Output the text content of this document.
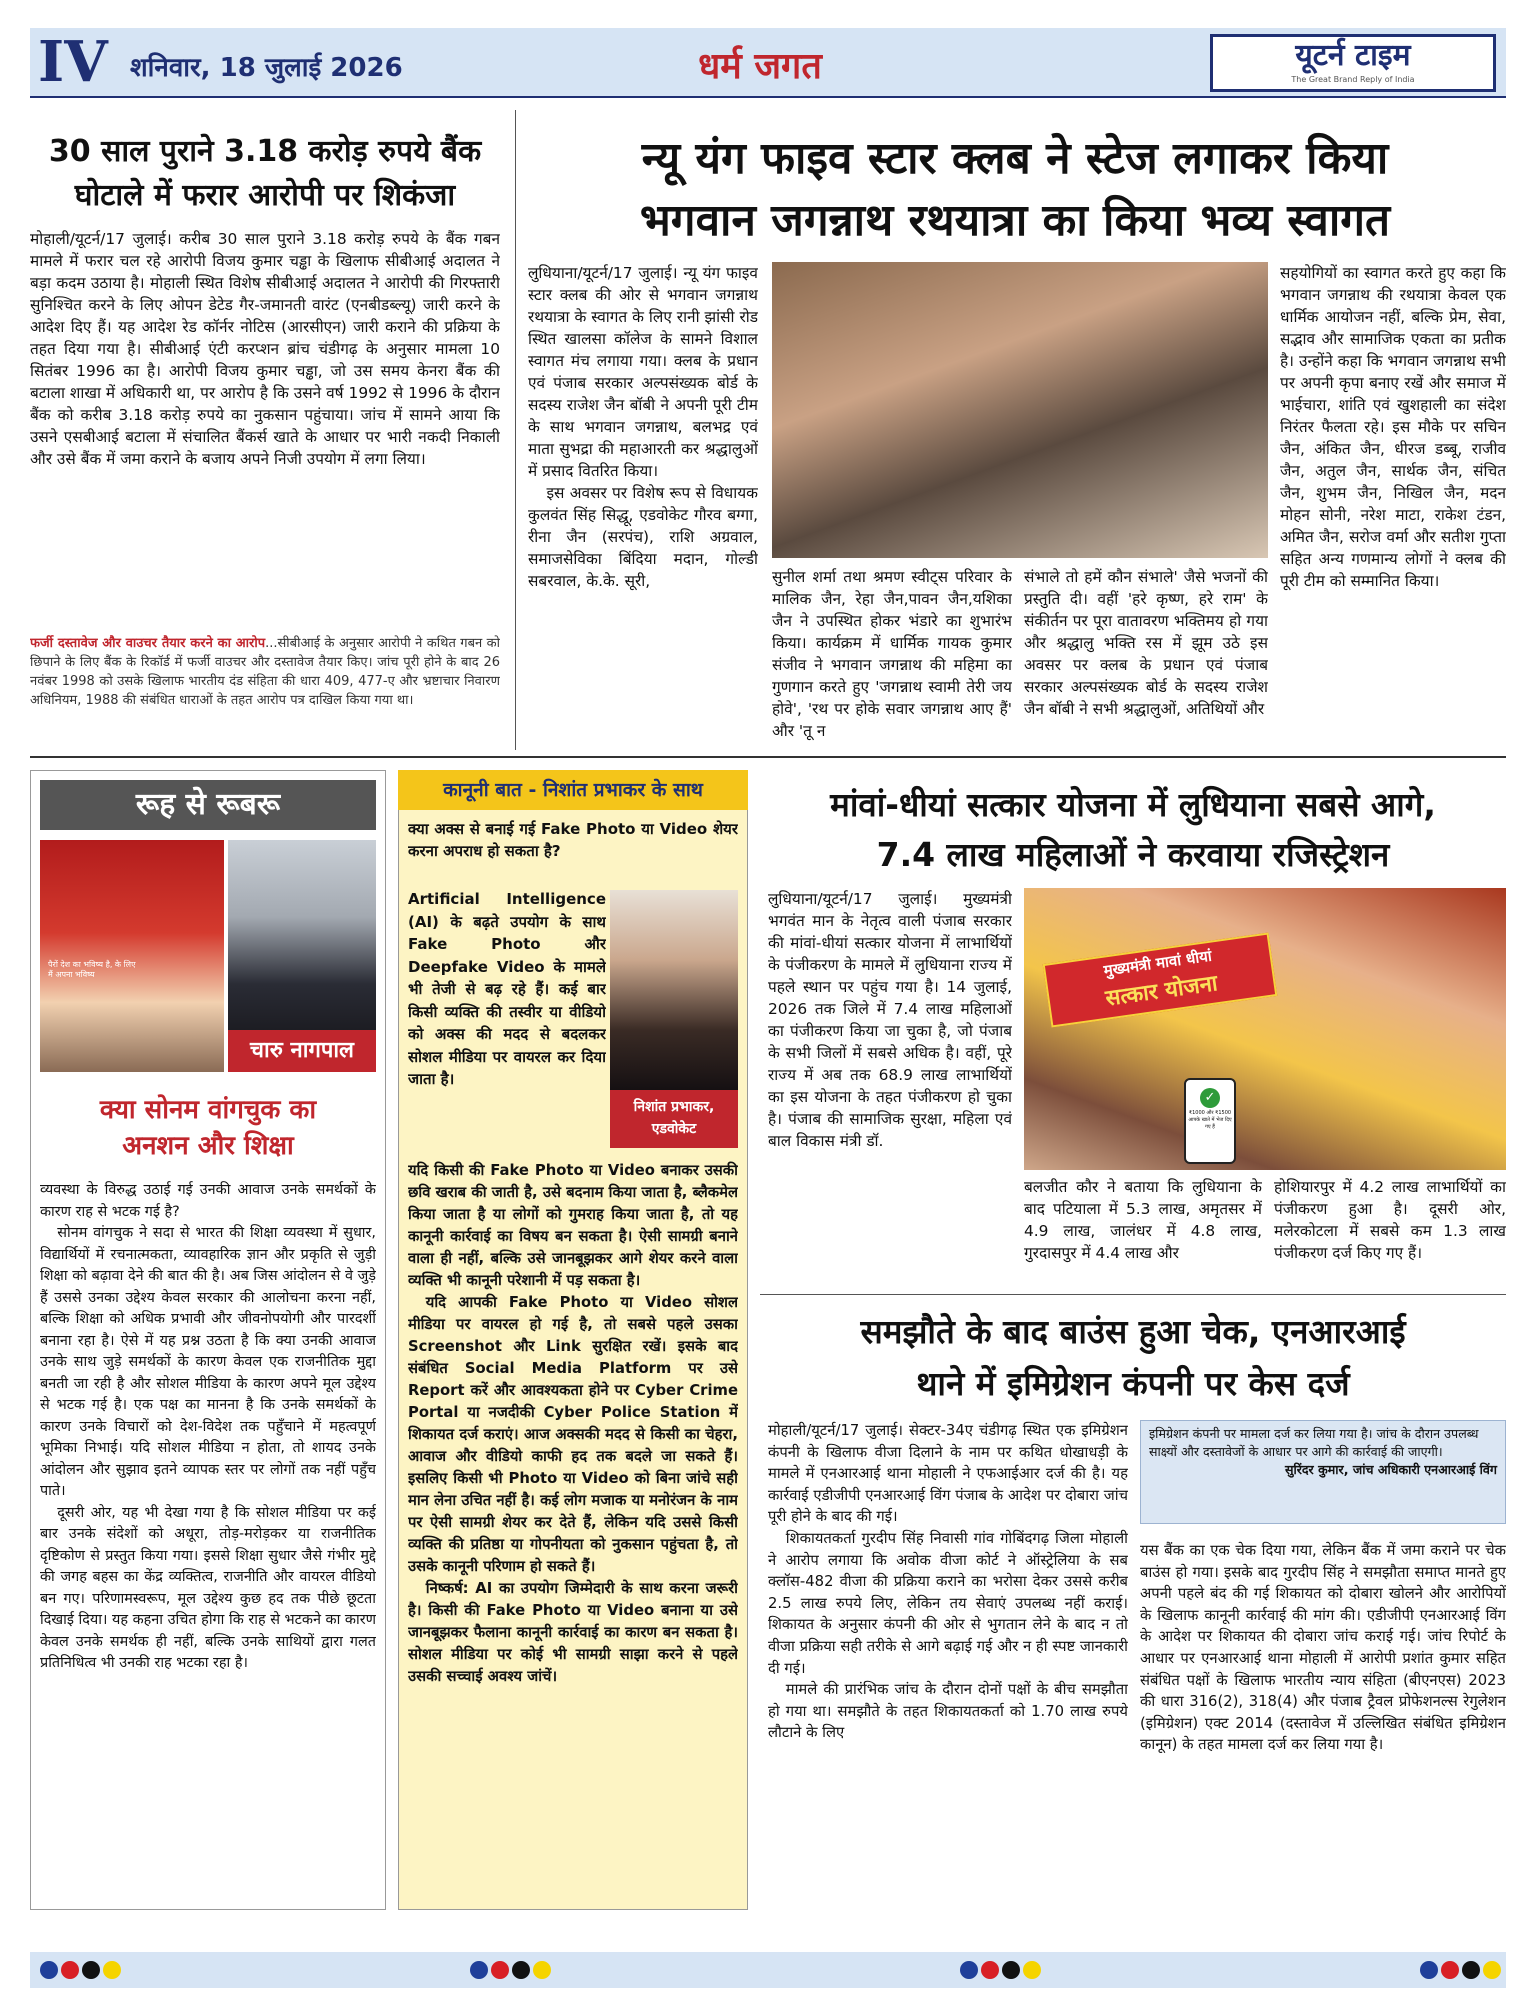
IV शनिवार, 18 जुलाई 2026	धर्म जगत	यूटर्न टाइम
The Great Brand Reply of India
30 साल पुराने 3.18 करोड़ रुपये बैंक
घोटाले में फरार आरोपी पर शिकंजा

मोहाली/यूटर्न/17 जुलाई। करीब 30 साल पुराने 3.18 करोड़ रुपये के बैंक गबन मामले में फरार चल रहे आरोपी विजय कुमार चड्ढा के खिलाफ सीबीआई अदालत ने बड़ा कदम उठाया है। मोहाली स्थित विशेष सीबीआई अदालत ने आरोपी की गिरफ्तारी सुनिश्चित करने के लिए ओपन डेटेड गैर-जमानती वारंट (एनबीडब्ल्यू) जारी करने के आदेश दिए हैं। यह आदेश रेड कॉर्नर नोटिस (आरसीएन) जारी कराने की प्रक्रिया के तहत दिया गया है। सीबीआई एंटी करप्शन ब्रांच चंडीगढ़ के अनुसार मामला 10 सितंबर 1996 का है। आरोपी विजय कुमार चड्ढा, जो उस समय केनरा बैंक की बटाला शाखा में अधिकारी था, पर आरोप है कि उसने वर्ष 1992 से 1996 के दौरान बैंक को करीब 3.18 करोड़ रुपये का नुकसान पहुंचाया। जांच में सामने आया कि उसने एसबीआई बटाला में संचालित बैंकर्स खाते के आधार पर भारी नकदी निकाली और उसे बैंक में जमा कराने के बजाय अपने निजी उपयोग में लगा लिया।

फर्जी दस्तावेज और वाउचर तैयार करने का आरोप...सीबीआई के अनुसार आरोपी ने कथित गबन को छिपाने के लिए बैंक के रिकॉर्ड में फर्जी वाउचर और दस्तावेज तैयार किए। जांच पूरी होने के बाद 26 नवंबर 1998 को उसके खिलाफ भारतीय दंड संहिता की धारा 409, 477-ए और भ्रष्टाचार निवारण अधिनियम, 1988 की संबंधित धाराओं के तहत आरोप पत्र दाखिल किया गया था।
न्यू यंग फाइव स्टार क्लब ने स्टेज लगाकर किया
भगवान जगन्नाथ रथयात्रा का किया भव्य स्वागत

लुधियाना/यूटर्न/17 जुलाई। न्यू यंग फाइव स्टार क्लब की ओर से भगवान जगन्नाथ रथयात्रा के स्वागत के लिए रानी झांसी रोड स्थित खालसा कॉलेज के सामने विशाल स्वागत मंच लगाया गया। क्लब के प्रधान एवं पंजाब सरकार अल्पसंख्यक बोर्ड के सदस्य राजेश जैन बॉबी ने अपनी पूरी टीम के साथ भगवान जगन्नाथ, बलभद्र एवं माता सुभद्रा की महाआरती कर श्रद्धालुओं में प्रसाद वितरित किया।

इस अवसर पर विशेष रूप से विधायक कुलवंत सिंह सिद्धू, एडवोकेट गौरव बग्गा, रीना जैन (सरपंच), राशि अग्रवाल, समाजसेविका बिंदिया मदान, गोल्डी सबरवाल, के.के. सूरी,	सुनील शर्मा तथा श्रमण स्वीट्स परिवार के मालिक जैन, रेहा जैन,पावन जैन,यशिका जैन ने उपस्थित होकर भंडारे का शुभारंभ किया। कार्यक्रम में धार्मिक गायक कुमार संजीव ने भगवान जगन्नाथ की महिमा का गुणगान करते हुए 'जगन्नाथ स्वामी तेरी जय होवे', 'रथ पर होके सवार जगन्नाथ आए हैं' और 'तू न

संभाले तो हमें कौन संभाले' जैसे भजनों की प्रस्तुति दी। वहीं 'हरे कृष्ण, हरे राम' के संकीर्तन पर पूरा वातावरण भक्तिमय हो गया और श्रद्धालु भक्ति रस में झूम उठे इस अवसर पर क्लब के प्रधान एवं पंजाब सरकार अल्पसंख्यक बोर्ड के सदस्य राजेश जैन बॉबी ने सभी श्रद्धालुओं, अतिथियों और

सहयोगियों का स्वागत करते हुए कहा कि भगवान जगन्नाथ की रथयात्रा केवल एक धार्मिक आयोजन नहीं, बल्कि प्रेम, सेवा, सद्भाव और सामाजिक एकता का प्रतीक है। उन्होंने कहा कि भगवान जगन्नाथ सभी पर अपनी कृपा बनाए रखें और समाज में भाईचारा, शांति एवं खुशहाली का संदेश निरंतर फैलता रहे। इस मौके पर सचिन जैन, अंकित जैन, धीरज डब्बू, राजीव जैन, अतुल जैन, सार्थक जैन, संचित जैन, शुभम जैन, निखिल जैन, मदन मोहन सोनी, नरेश माटा, राकेश टंडन, अमित जैन, सरोज वर्मा और सतीश गुप्ता सहित अन्य गणमान्य लोगों ने क्लब की पूरी टीम को सम्मानित किया।

रूह से रूबरू
पैरों देश का भविष्य है, के लिए मैं अपना भविष्य
चारु नागपाल
क्या सोनम वांगचुक का
अनशन और शिक्षा

व्यवस्था के विरुद्ध उठाई गई उनकी आवाज उनके समर्थकों के कारण राह से भटक गई है?

सोनम वांगचुक ने सदा से भारत की शिक्षा व्यवस्था में सुधार, विद्यार्थियों में रचनात्मकता, व्यावहारिक ज्ञान और प्रकृति से जुड़ी शिक्षा को बढ़ावा देने की बात की है। अब जिस आंदोलन से वे जुड़े हैं उससे उनका उद्देश्य केवल सरकार की आलोचना करना नहीं, बल्कि शिक्षा को अधिक प्रभावी और जीवनोपयोगी और पारदर्शी बनाना रहा है। ऐसे में यह प्रश्न उठता है कि क्या उनकी आवाज उनके साथ जुड़े समर्थकों के कारण केवल एक राजनीतिक मुद्दा बनती जा रही है और सोशल मीडिया के कारण अपने मूल उद्देश्य से भटक गई है। एक पक्ष का मानना है कि उनके समर्थकों के कारण उनके विचारों को देश-विदेश तक पहुँचाने में महत्वपूर्ण भूमिका निभाई। यदि सोशल मीडिया न होता, तो शायद उनके आंदोलन और सुझाव इतने व्यापक स्तर पर लोगों तक नहीं पहुँच पाते।

दूसरी ओर, यह भी देखा गया है कि सोशल मीडिया पर कई बार उनके संदेशों को अधूरा, तोड़-मरोड़कर या राजनीतिक दृष्टिकोण से प्रस्तुत किया गया। इससे शिक्षा सुधार जैसे गंभीर मुद्दे की जगह बहस का केंद्र व्यक्तित्व, राजनीति और वायरल वीडियो बन गए। परिणामस्वरूप, मूल उद्देश्य कुछ हद तक पीछे छूटता दिखाई दिया। यह कहना उचित होगा कि राह से भटकने का कारण केवल उनके समर्थक ही नहीं, बल्कि उनके साथियों द्वारा गलत प्रतिनिधित्व भी उनकी राह भटका रहा है।

कानूनी बात - निशांत प्रभाकर के साथ

क्या अक्स से बनाई गई Fake Photo या Video शेयर करना अपराध हो सकता है?

Artificial Intelligence (AI) के बढ़ते उपयोग के साथ Fake Photo और Deepfake Video के मामले भी तेजी से बढ़ रहे हैं। कई बार किसी व्यक्ति की तस्वीर या वीडियो को अक्स की मदद से बदलकर सोशल मीडिया पर वायरल कर दिया जाता है।

निशांत प्रभाकर, एडवोकेट

यदि किसी की Fake Photo या Video बनाकर उसकी छवि खराब की जाती है, उसे बदनाम किया जाता है, ब्लैकमेल किया जाता है या लोगों को गुमराह किया जाता है, तो यह कानूनी कार्रवाई का विषय बन सकता है। ऐसी सामग्री बनाने वाला ही नहीं, बल्कि उसे जानबूझकर आगे शेयर करने वाला व्यक्ति भी कानूनी परेशानी में पड़ सकता है।

यदि आपकी Fake Photo या Video सोशल मीडिया पर वायरल हो गई है, तो सबसे पहले उसका Screenshot और Link सुरक्षित रखें। इसके बाद संबंधित Social Media Platform पर उसे Report करें और आवश्यकता होने पर Cyber Crime Portal या नजदीकी Cyber Police Station में शिकायत दर्ज कराएं। आज अक्सकी मदद से किसी का चेहरा, आवाज और वीडियो काफी हद तक बदले जा सकते हैं। इसलिए किसी भी Photo या Video को बिना जांचे सही मान लेना उचित नहीं है। कई लोग मजाक या मनोरंजन के नाम पर ऐसी सामग्री शेयर कर देते हैं, लेकिन यदि उससे किसी व्यक्ति की प्रतिष्ठा या गोपनीयता को नुकसान पहुंचता है, तो उसके कानूनी परिणाम हो सकते हैं।

निष्कर्ष: AI का उपयोग जिम्मेदारी के साथ करना जरूरी है। किसी की Fake Photo या Video बनाना या उसे जानबूझकर फैलाना कानूनी कार्रवाई का कारण बन सकता है। सोशल मीडिया पर कोई भी सामग्री साझा करने से पहले उसकी सच्चाई अवश्य जांचें।

मांवां-धीयां सत्कार योजना में लुधियाना सबसे आगे,
7.4 लाख महिलाओं ने करवाया रजिस्ट्रेशन

लुधियाना/यूटर्न/17 जुलाई। मुख्यमंत्री भगवंत मान के नेतृत्व वाली पंजाब सरकार की मांवां-धीयां सत्कार योजना में लाभार्थियों के पंजीकरण के मामले में लुधियाना राज्य में पहले स्थान पर पहुंच गया है। 14 जुलाई, 2026 तक जिले में 7.4 लाख महिलाओं का पंजीकरण किया जा चुका है, जो पंजाब के सभी जिलों में सबसे अधिक है। वहीं, पूरे राज्य में अब तक 68.9 लाख लाभार्थियों का इस योजना के तहत पंजीकरण हो चुका है। पंजाब की सामाजिक सुरक्षा, महिला एवं बाल विकास मंत्री डॉ.

मुख्यमंत्री मावां धीयां
सत्कार योजना
✓
₹1000 और ₹1500 आपके खाते में भेज दिए गए हैं

बलजीत कौर ने बताया कि लुधियाना के बाद पटियाला में 5.3 लाख, अमृतसर में 4.9 लाख, जालंधर में 4.8 लाख, गुरदासपुर में 4.4 लाख और

होशियारपुर में 4.2 लाख लाभार्थियों का पंजीकरण हुआ है। दूसरी ओर, मलेरकोटला में सबसे कम 1.3 लाख पंजीकरण दर्ज किए गए हैं।

समझौते के बाद बाउंस हुआ चेक, एनआरआई
थाने में इमिग्रेशन कंपनी पर केस दर्ज

मोहाली/यूटर्न/17 जुलाई। सेक्टर-34ए चंडीगढ़ स्थित एक इमिग्रेशन कंपनी के खिलाफ वीजा दिलाने के नाम पर कथित धोखाधड़ी के मामले में एनआरआई थाना मोहाली ने एफआईआर दर्ज की है। यह कार्रवाई एडीजीपी एनआरआई विंग पंजाब के आदेश पर दोबारा जांच पूरी होने के बाद की गई।

शिकायतकर्ता गुरदीप सिंह निवासी गांव गोबिंदगढ़ जिला मोहाली ने आरोप लगाया कि अवोक वीजा कोर्ट ने ऑस्ट्रेलिया के सब क्लॉस-482 वीजा की प्रक्रिया कराने का भरोसा देकर उससे करीब 2.5 लाख रुपये लिए, लेकिन तय सेवाएं उपलब्ध नहीं कराई। शिकायत के अनुसार कंपनी की ओर से भुगतान लेने के बाद न तो वीजा प्रक्रिया सही तरीके से आगे बढ़ाई गई और न ही स्पष्ट जानकारी दी गई।

मामले की प्रारंभिक जांच के दौरान दोनों पक्षों के बीच समझौता हो गया था। समझौते के तहत शिकायतकर्ता को 1.70 लाख रुपये लौटाने के लिए

इमिग्रेशन कंपनी पर मामला दर्ज कर लिया गया है। जांच के दौरान उपलब्ध साक्ष्यों और दस्तावेजों के आधार पर आगे की कार्रवाई की जाएगी।
सुरिंदर कुमार, जांच अधिकारी एनआरआई विंग

यस बैंक का एक चेक दिया गया, लेकिन बैंक में जमा कराने पर चेक बाउंस हो गया। इसके बाद गुरदीप सिंह ने समझौता समाप्त मानते हुए अपनी पहले बंद की गई शिकायत को दोबारा खोलने और आरोपियों के खिलाफ कानूनी कार्रवाई की मांग की। एडीजीपी एनआरआई विंग के आदेश पर शिकायत की दोबारा जांच कराई गई। जांच रिपोर्ट के आधार पर एनआरआई थाना मोहाली में आरोपी प्रशांत कुमार सहित संबंधित पक्षों के खिलाफ भारतीय न्याय संहिता (बीएनएस) 2023 की धारा 316(2), 318(4) और पंजाब ट्रैवल प्रोफेशनल्स रेगुलेशन (इमिग्रेशन) एक्ट 2014 (दस्तावेज में उल्लिखित संबंधित इमिग्रेशन कानून) के तहत मामला दर्ज कर लिया गया है।
